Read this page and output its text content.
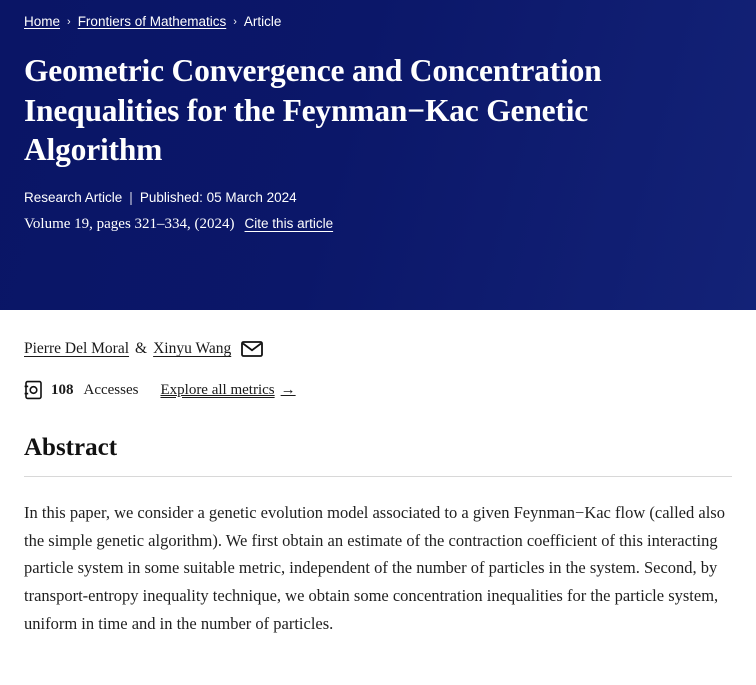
Home › Frontiers of Mathematics › Article
Geometric Convergence and Concentration Inequalities for the Feynman−Kac Genetic Algorithm
Research Article | Published: 05 March 2024
Volume 19, pages 321–334, (2024) Cite this article
Pierre Del Moral & Xinyu Wang
108 Accesses Explore all metrics →
Abstract

In this paper, we consider a genetic evolution model associated to a given Feynman−Kac flow (called also the simple genetic algorithm). We first obtain an estimate of the contraction coefficient of this interacting particle system in some suitable metric, independent of the number of particles in the system. Second, by transport-entropy inequality technique, we obtain some concentration inequalities for the particle system, uniform in time and in the number of particles.
